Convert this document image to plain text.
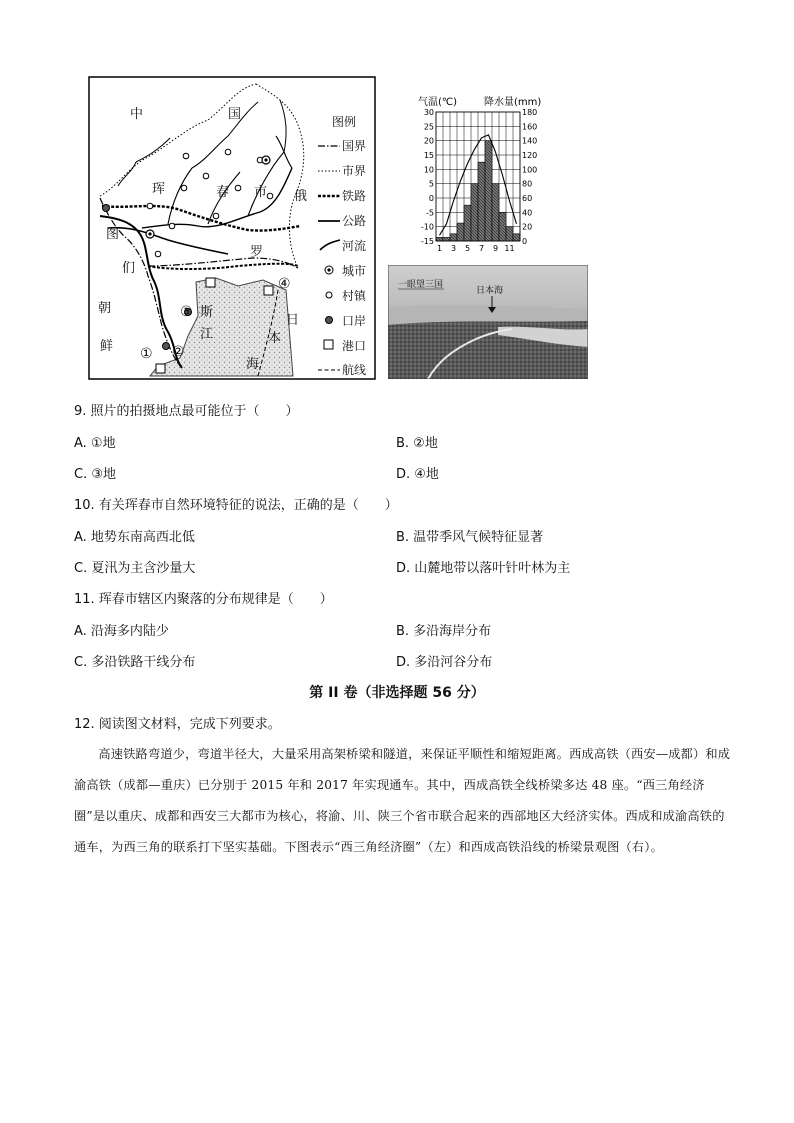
中	国
珲	春 市 俄
罗
斯
图
们
江
朝
鲜
日
本
海
① ②
③
④
图例
国界
市界
铁路
公路
河流
城市
村镇
口岸
港口
航线
气温(℃)	降水量(mm)
30
25
20
15
10
5
0
-5
-10
-15
180
160
140
120
100
80
60
40
20
0
1 3 5 7 9 11
一眼望三国
日本海
9. 照片的拍摄地点最可能位于（　　）
A. ①地	B. ②地
C. ③地	D. ④地
10. 有关珲春市自然环境特征的说法，正确的是（　　）
A. 地势东南高西北低	B. 温带季风气候特征显著
C. 夏汛为主含沙量大	D. 山麓地带以落叶针叶林为主
11. 珲春市辖区内聚落的分布规律是（　　）
A. 沿海多内陆少	B. 多沿海岸分布
C. 多沿铁路干线分布	D. 多沿河谷分布
第 II 卷（非选择题 56 分）
12. 阅读图文材料，完成下列要求。
高速铁路弯道少，弯道半径大，大量采用高架桥梁和隧道，来保证平顺性和缩短距离。西成高铁（西安—成都）和成渝高铁（成都—重庆）已分别于 2015 年和 2017 年实现通车。其中，西成高铁全线桥梁多达 48 座。“西三角经济圈”是以重庆、成都和西安三大都市为核心，将渝、川、陕三个省市联合起来的西部地区大经济实体。西成和成渝高铁的通车，为西三角的联系打下坚实基础。下图表示“西三角经济圈”（左）和西成高铁沿线的桥梁景观图（右）。
